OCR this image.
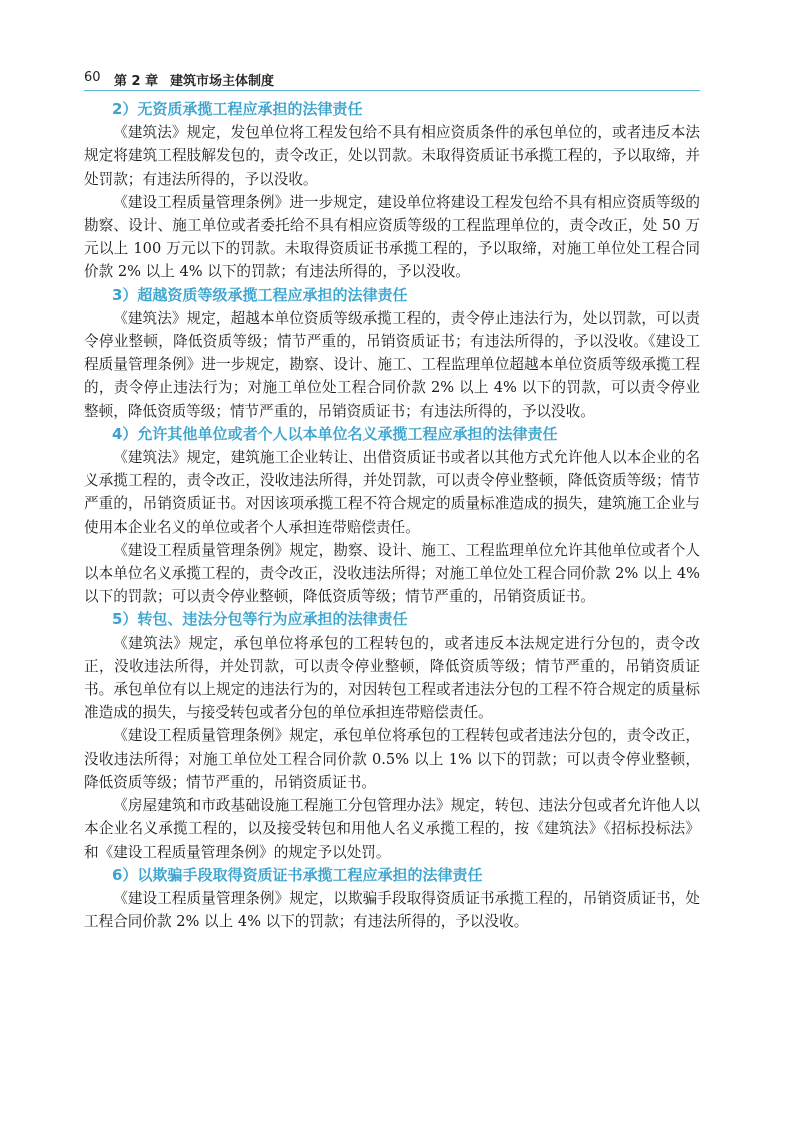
60 第 2 章 建筑市场主体制度
2）无资质承揽工程应承担的法律责任

《建筑法》规定，发包单位将工程发包给不具有相应资质条件的承包单位的，或者违反本法规定将建筑工程肢解发包的，责令改正，处以罚款。未取得资质证书承揽工程的，予以取缔，并处罚款；有违法所得的，予以没收。

《建设工程质量管理条例》进一步规定，建设单位将建设工程发包给不具有相应资质等级的勘察、设计、施工单位或者委托给不具有相应资质等级的工程监理单位的，责令改正，处 50 万元以上 100 万元以下的罚款。未取得资质证书承揽工程的，予以取缔，对施工单位处工程合同价款 2% 以上 4% 以下的罚款；有违法所得的，予以没收。

3）超越资质等级承揽工程应承担的法律责任

《建筑法》规定，超越本单位资质等级承揽工程的，责令停止违法行为，处以罚款，可以责令停业整顿，降低资质等级；情节严重的，吊销资质证书；有违法所得的，予以没收。《建设工程质量管理条例》进一步规定，勘察、设计、施工、工程监理单位超越本单位资质等级承揽工程的，责令停止违法行为；对施工单位处工程合同价款 2% 以上 4% 以下的罚款，可以责令停业整顿，降低资质等级；情节严重的，吊销资质证书；有违法所得的，予以没收。

4）允许其他单位或者个人以本单位名义承揽工程应承担的法律责任

《建筑法》规定，建筑施工企业转让、出借资质证书或者以其他方式允许他人以本企业的名义承揽工程的，责令改正，没收违法所得，并处罚款，可以责令停业整顿，降低资质等级；情节严重的，吊销资质证书。对因该项承揽工程不符合规定的质量标准造成的损失，建筑施工企业与使用本企业名义的单位或者个人承担连带赔偿责任。

《建设工程质量管理条例》规定，勘察、设计、施工、工程监理单位允许其他单位或者个人以本单位名义承揽工程的，责令改正，没收违法所得；对施工单位处工程合同价款 2% 以上 4% 以下的罚款；可以责令停业整顿，降低资质等级；情节严重的，吊销资质证书。

5）转包、违法分包等行为应承担的法律责任

《建筑法》规定，承包单位将承包的工程转包的，或者违反本法规定进行分包的，责令改正，没收违法所得，并处罚款，可以责令停业整顿，降低资质等级；情节严重的，吊销资质证书。承包单位有以上规定的违法行为的，对因转包工程或者违法分包的工程不符合规定的质量标准造成的损失，与接受转包或者分包的单位承担连带赔偿责任。

《建设工程质量管理条例》规定，承包单位将承包的工程转包或者违法分包的，责令改正，没收违法所得；对施工单位处工程合同价款 0.5% 以上 1% 以下的罚款；可以责令停业整顿，降低资质等级；情节严重的，吊销资质证书。

《房屋建筑和市政基础设施工程施工分包管理办法》规定，转包、违法分包或者允许他人以本企业名义承揽工程的，以及接受转包和用他人名义承揽工程的，按《建筑法》《招标投标法》和《建设工程质量管理条例》的规定予以处罚。

6）以欺骗手段取得资质证书承揽工程应承担的法律责任

《建设工程质量管理条例》规定，以欺骗手段取得资质证书承揽工程的，吊销资质证书，处工程合同价款 2% 以上 4% 以下的罚款；有违法所得的，予以没收。
